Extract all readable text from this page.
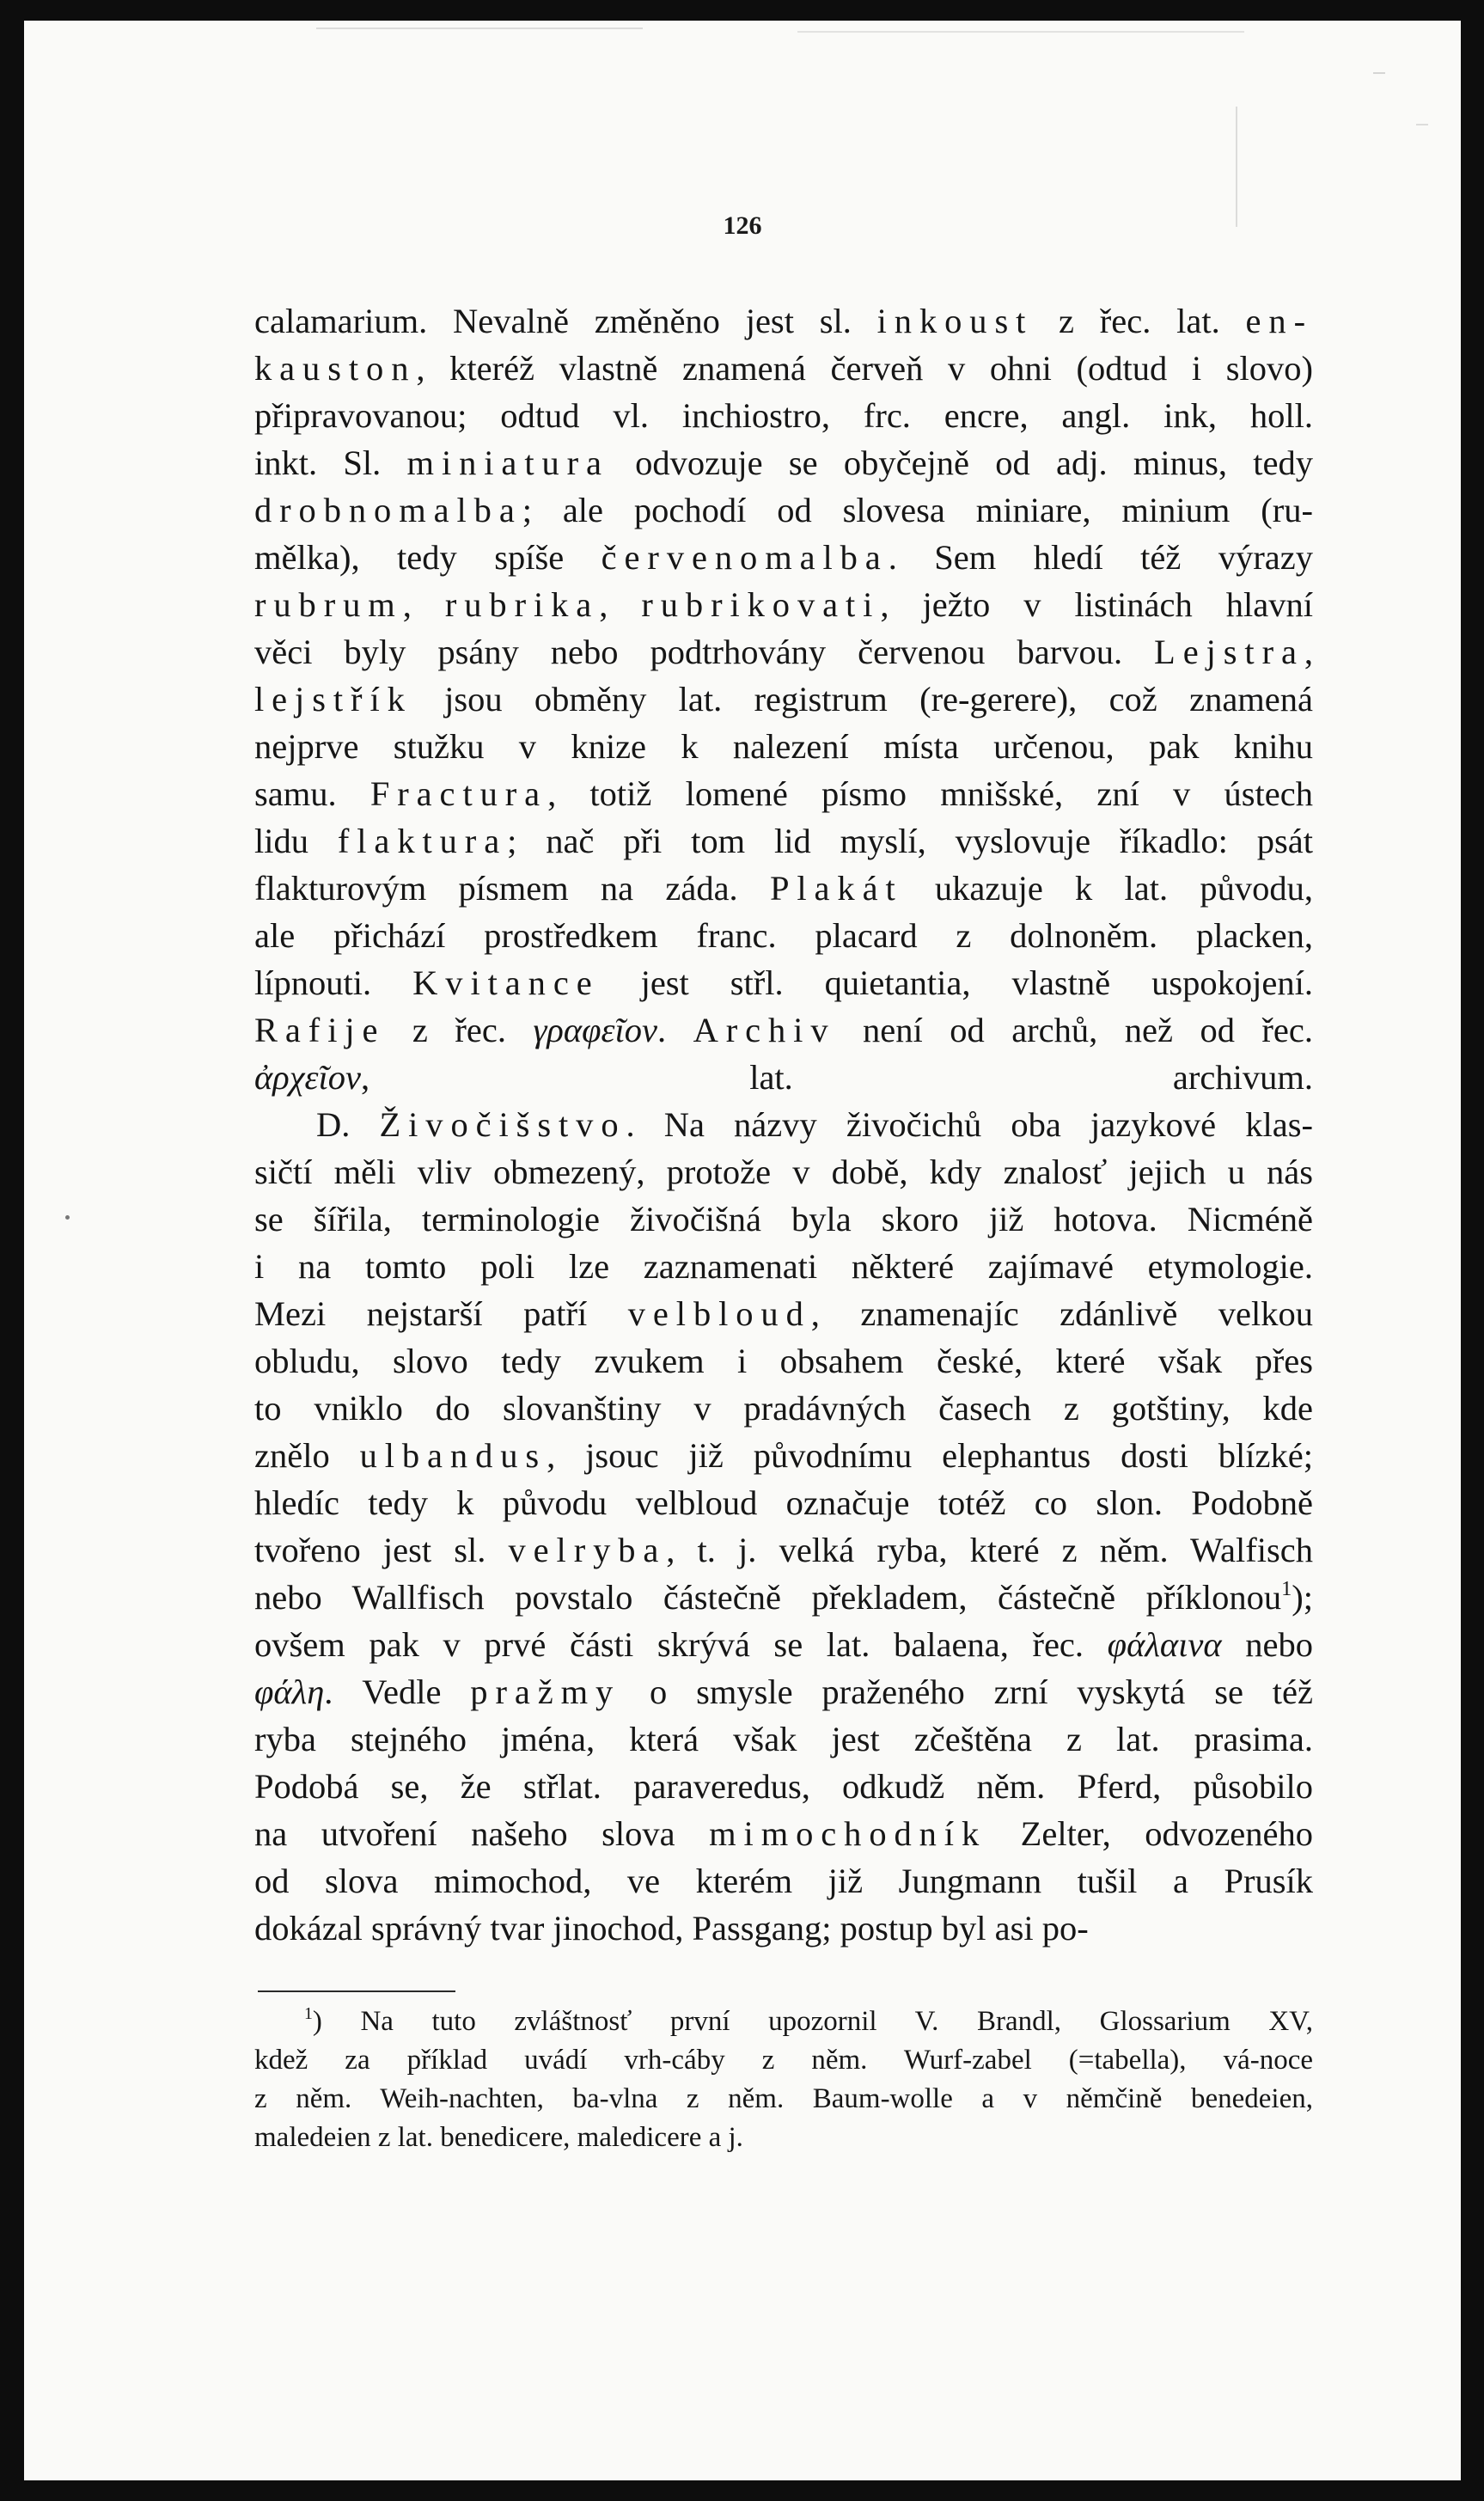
126
calamarium. Nevalně změněno jest sl. inkoust z řec. lat. en-
kauston, kteréž vlastně znamená červeň v ohni (odtud i slovo)
připravovanou; odtud vl. inchiostro, frc. encre, angl. ink, holl.
inkt. Sl. miniatura odvozuje se obyčejně od adj. minus, tedy
drobnomalba; ale pochodí od slovesa miniare, minium (ru-
mělka), tedy spíše červenomalba. Sem hledí též výrazy
rubrum, rubrika, rubrikovati, ježto v listinách hlavní
věci byly psány nebo podtrhovány červenou barvou. Lejstra,
lejstřík jsou obměny lat. registrum (re-gerere), což znamená
nejprve stužku v knize k nalezení místa určenou, pak knihu
samu. Fractura, totiž lomené písmo mnišské, zní v ústech
lidu flaktura; nač při tom lid myslí, vyslovuje říkadlo: psát
flakturovým písmem na záda. Plakát ukazuje k lat. původu,
ale přichází prostředkem franc. placard z dolnoněm. placken,
lípnouti. Kvitance jest střl. quietantia, vlastně uspokojení.
Rafije z řec. γραφεῖον. Archiv není od archů, než od řec.
ἀρχεῖον, lat. archivum.
D. Živočišstvo. Na názvy živočichů oba jazykové klas-
sičtí měli vliv obmezený, protože v době, kdy znalosť jejich u nás
se šířila, terminologie živočišná byla skoro již hotova. Nicméně
i na tomto poli lze zaznamenati některé zajímavé etymologie.
Mezi nejstarší patří velbloud, znamenajíc zdánlivě velkou
obludu, slovo tedy zvukem i obsahem české, které však přes
to vniklo do slovanštiny v pradávných časech z gotštiny, kde
znělo ulbandus, jsouc již původnímu elephantus dosti blízké;
hledíc tedy k původu velbloud označuje totéž co slon. Podobně
tvořeno jest sl. velryba, t. j. velká ryba, které z něm. Walfisch
nebo Wallfisch povstalo částečně překladem, částečně příklonou$^1$);
ovšem pak v prvé části skrývá se lat. balaena, řec. φάλαινα nebo
φάλη. Vedle pražmy o smysle praženého zrní vyskytá se též
ryba stejného jména, která však jest zčeštěna z lat. prasima.
Podobá se, že střlat. paraveredus, odkudž něm. Pferd, působilo
na utvoření našeho slova mimochodník Zelter, odvozeného
od slova mimochod, ve kterém již Jungmann tušil a Prusík
dokázal správný tvar jinochod, Passgang; postup byl asi po-
$^1$) Na tuto zvláštnosť první upozornil V. Brandl, Glossarium XV,
kdež za příklad uvádí vrh-cáby z něm. Wurf-zabel (=tabella), vá-noce
z něm. Weih-nachten, ba-vlna z něm. Baum-wolle a v němčině benedeien,
maledeien z lat. benedicere, maledicere a j.
